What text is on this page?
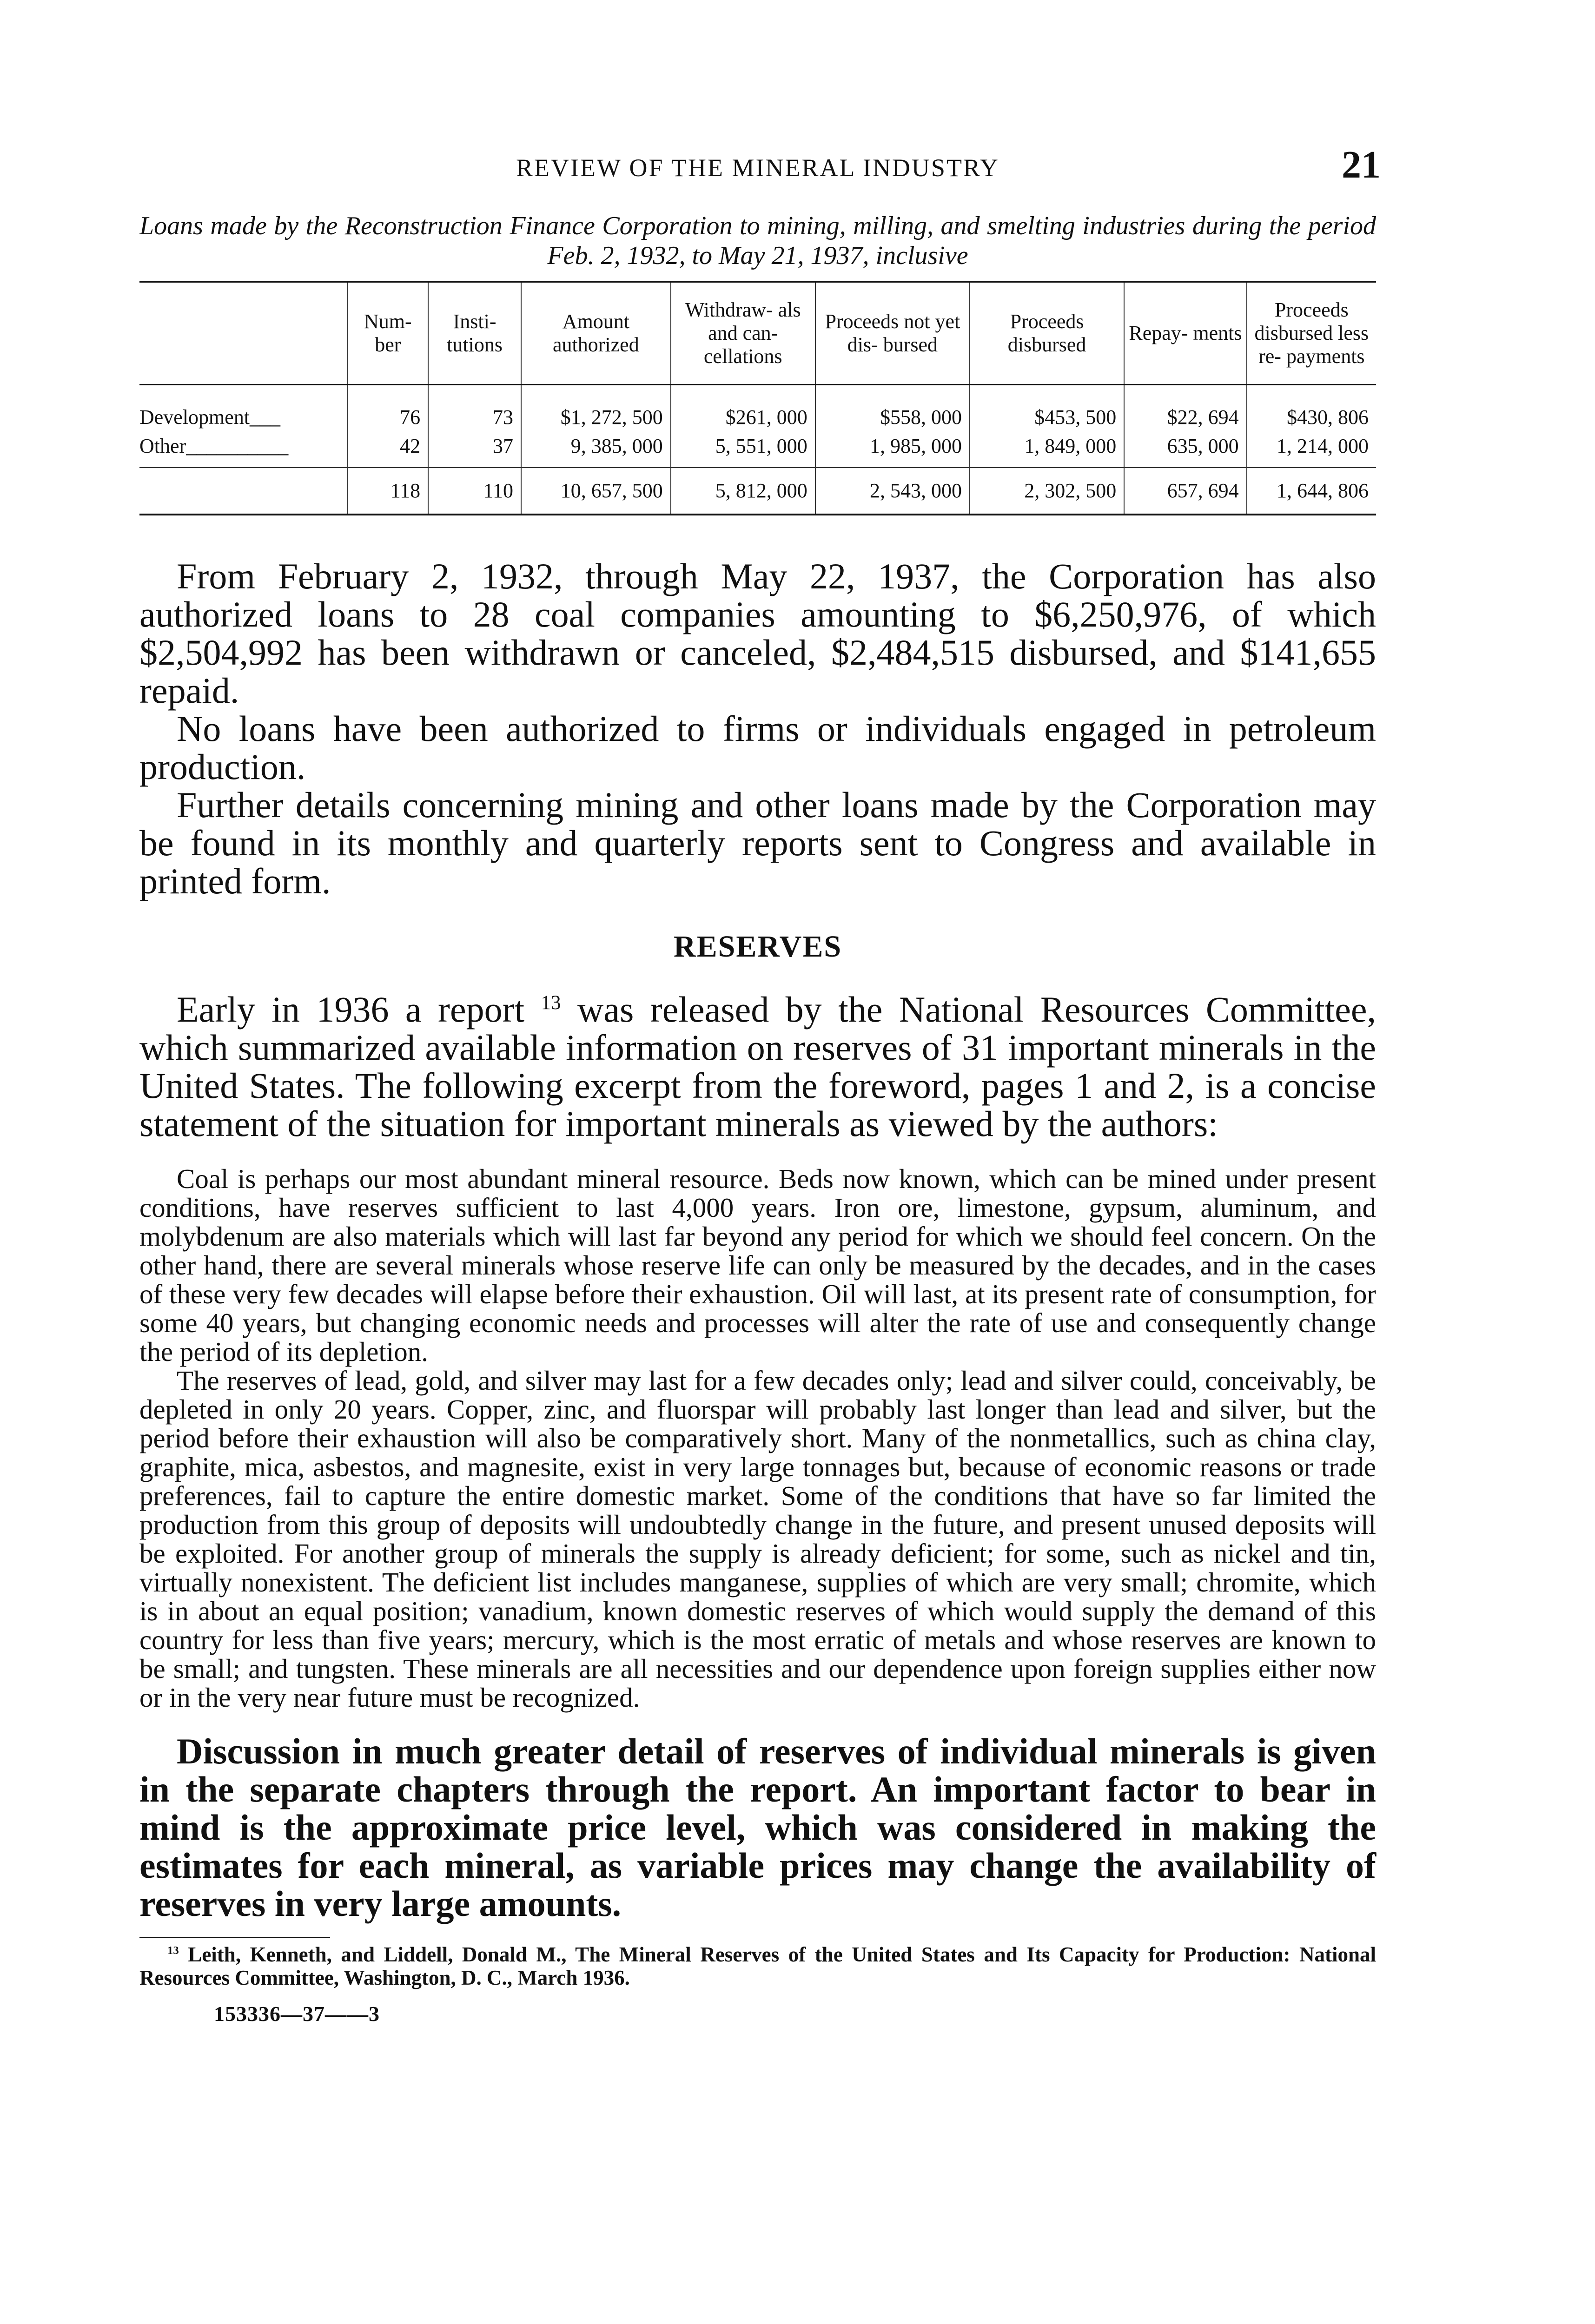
REVIEW OF THE MINERAL INDUSTRY	21
Loans made by the Reconstruction Finance Corporation to mining, milling, and smelting industries during the period Feb. 2, 1932, to May 21, 1937, inclusive
	Num- ber	Insti- tutions	Amount authorized	Withdraw- als and can- cellations	Proceeds not yet dis- bursed	Proceeds disbursed	Repay- ments	Proceeds disbursed less re- payments
Development___	76	73	$1, 272, 500	$261, 000	$558, 000	$453, 500	$22, 694	$430, 806
Other__________	42	37	9, 385, 000	5, 551, 000	1, 985, 000	1, 849, 000	635, 000	1, 214, 000
	118	110	10, 657, 500	5, 812, 000	2, 543, 000	2, 302, 500	657, 694	1, 644, 806

From February 2, 1932, through May 22, 1937, the Corporation has also authorized loans to 28 coal companies amounting to $6,250,976, of which $2,504,992 has been withdrawn or canceled, $2,484,515 disbursed, and $141,655 repaid.

No loans have been authorized to firms or individuals engaged in petroleum production.

Further details concerning mining and other loans made by the Corporation may be found in its monthly and quarterly reports sent to Congress and available in printed form.

RESERVES

Early in 1936 a report $^{13}$ was released by the National Resources Committee, which summarized available information on reserves of 31 important minerals in the United States. The following excerpt from the foreword, pages 1 and 2, is a concise statement of the situation for important minerals as viewed by the authors:

Coal is perhaps our most abundant mineral resource. Beds now known, which can be mined under present conditions, have reserves sufficient to last 4,000 years. Iron ore, limestone, gypsum, aluminum, and molybdenum are also materials which will last far beyond any period for which we should feel concern. On the other hand, there are several minerals whose reserve life can only be measured by the decades, and in the cases of these very few decades will elapse before their exhaustion. Oil will last, at its present rate of consumption, for some 40 years, but changing economic needs and processes will alter the rate of use and consequently change the period of its depletion.

The reserves of lead, gold, and silver may last for a few decades only; lead and silver could, conceivably, be depleted in only 20 years. Copper, zinc, and fluorspar will probably last longer than lead and silver, but the period before their exhaustion will also be comparatively short. Many of the nonmetallics, such as china clay, graphite, mica, asbestos, and magnesite, exist in very large tonnages but, because of economic reasons or trade preferences, fail to capture the entire domestic market. Some of the conditions that have so far limited the production from this group of deposits will undoubtedly change in the future, and present unused deposits will be exploited. For another group of minerals the supply is already deficient; for some, such as nickel and tin, virtually nonexistent. The deficient list includes manganese, supplies of which are very small; chromite, which is in about an equal position; vanadium, known domestic reserves of which would supply the demand of this country for less than five years; mercury, which is the most erratic of metals and whose reserves are known to be small; and tungsten. These minerals are all necessities and our dependence upon foreign supplies either now or in the very near future must be recognized.

Discussion in much greater detail of reserves of individual minerals is given in the separate chapters through the report. An important factor to bear in mind is the approximate price level, which was considered in making the estimates for each mineral, as variable prices may change the availability of reserves in very large amounts.

$^{13}$ Leith, Kenneth, and Liddell, Donald M., The Mineral Reserves of the United States and Its Capacity for Production: National Resources Committee, Washington, D. C., March 1936.

153336—37——3
